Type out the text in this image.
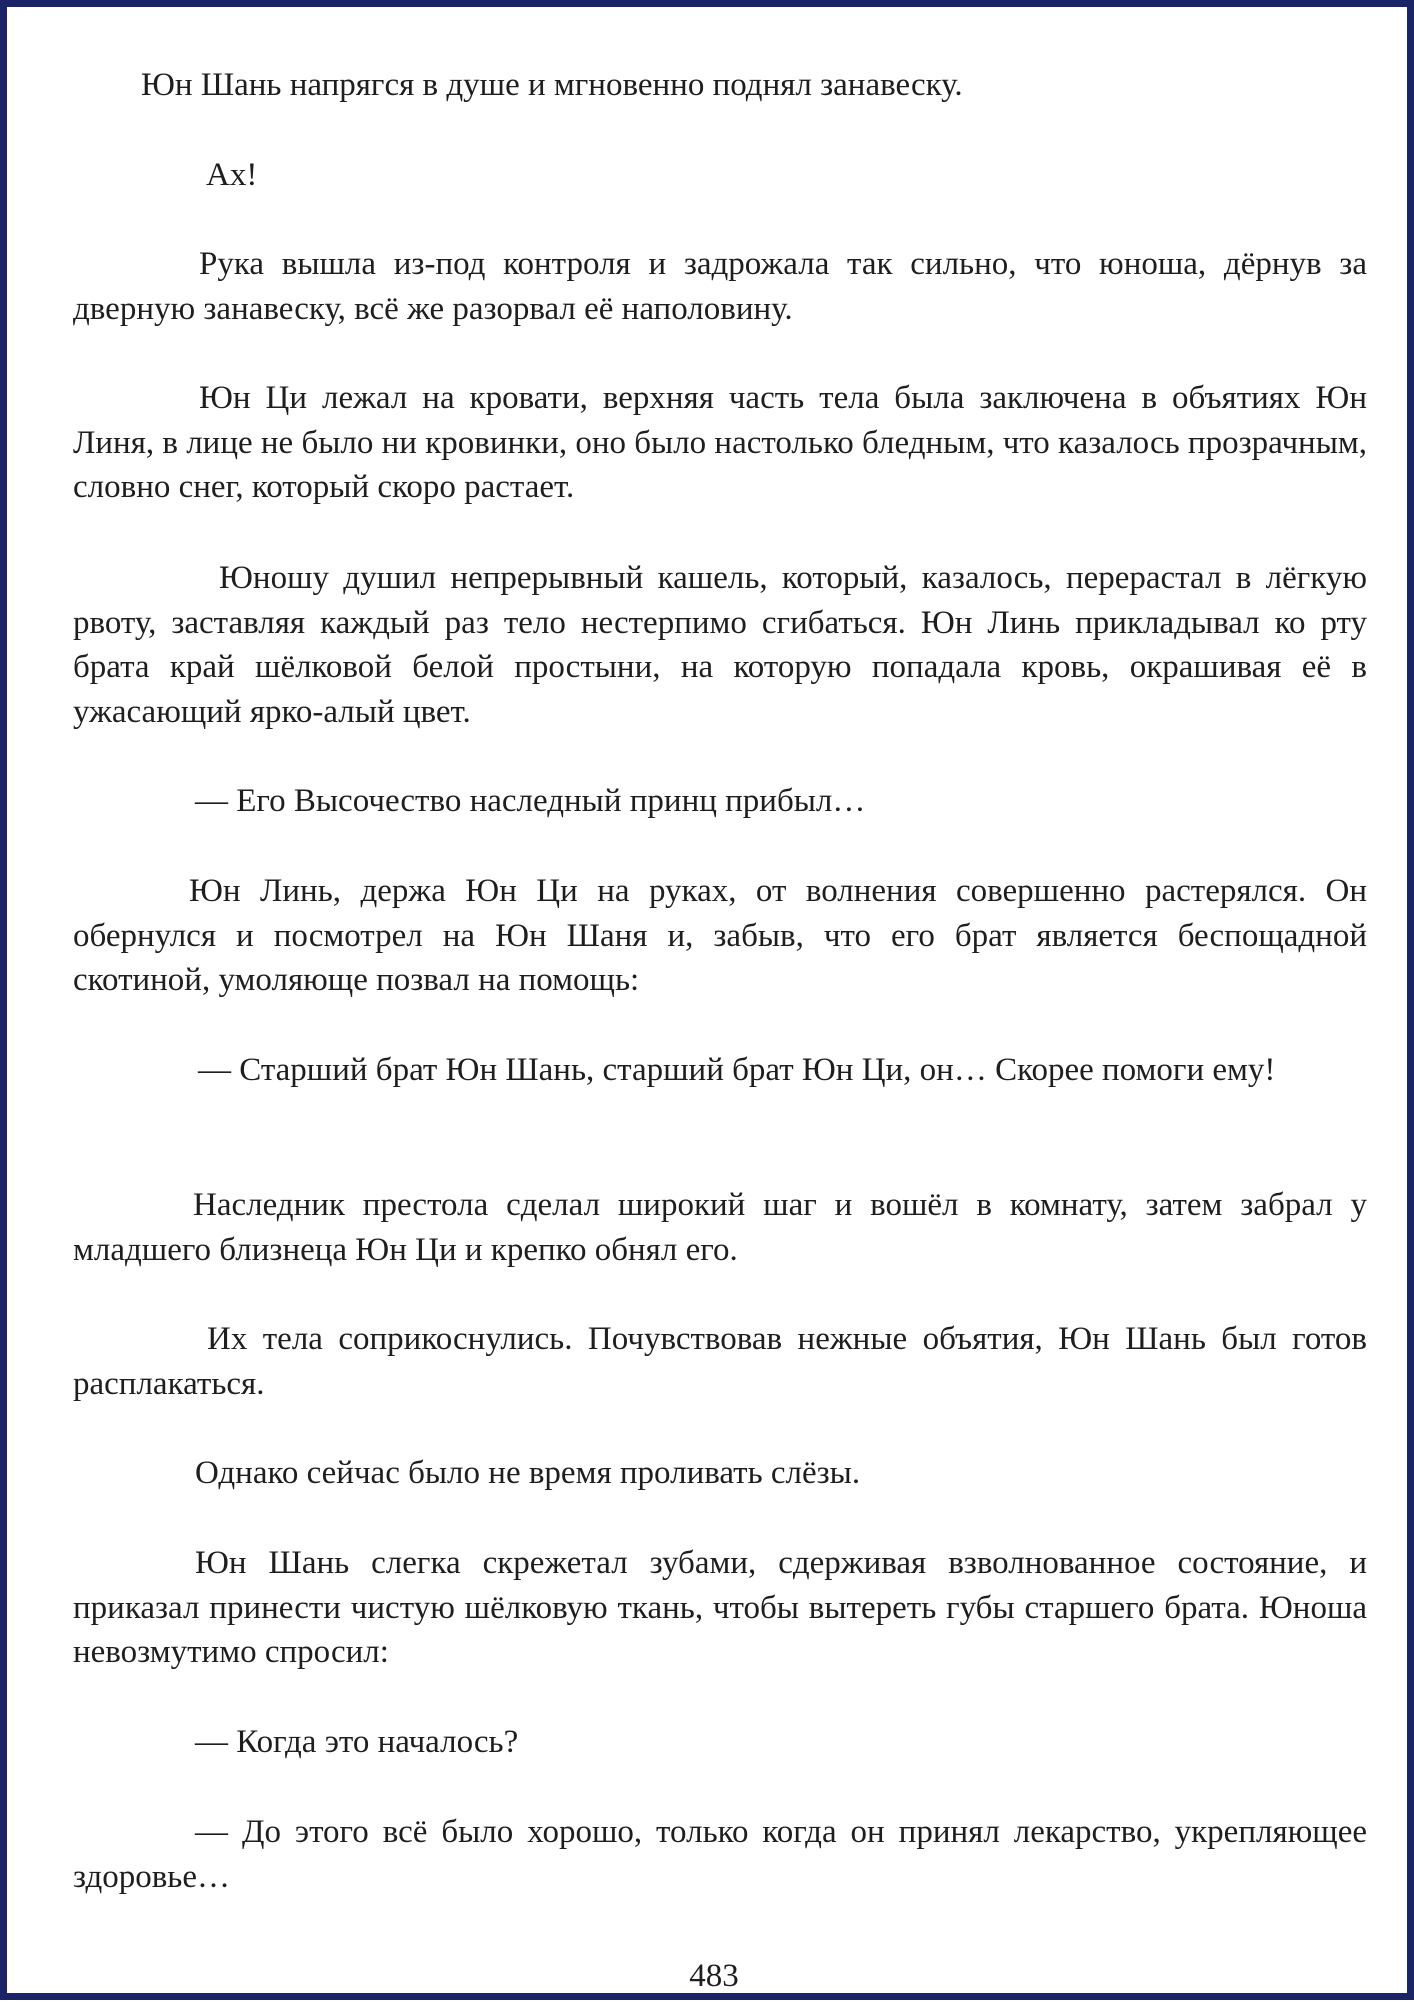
Юн Шань напрягся в душе и мгновенно поднял занавеску.

Ах!

Рука вышла из-под контроля и задрожала так сильно, что юноша, дёрнув за дверную занавеску, всё же разорвал её наполовину.

Юн Ци лежал на кровати, верхняя часть тела была заключена в объятиях Юн Линя, в лице не было ни кровинки, оно было настолько бледным, что казалось прозрачным, словно снег, который скоро растает.

Юношу душил непрерывный кашель, который, казалось, перерастал в лёгкую рвоту, заставляя каждый раз тело нестерпимо сгибаться. Юн Линь прикладывал ко рту брата край шёлковой белой простыни, на которую попадала кровь, окрашивая её в ужасающий ярко-алый цвет.

— Его Высочество наследный принц прибыл…

Юн Линь, держа Юн Ци на руках, от волнения совершенно растерялся. Он обернулся и посмотрел на Юн Шаня и, забыв, что его брат является беспощадной скотиной, умоляюще позвал на помощь:

— Старший брат Юн Шань, старший брат Юн Ци, он… Скорее помоги ему!

Наследник престола сделал широкий шаг и вошёл в комнату, затем забрал у младшего близнеца Юн Ци и крепко обнял его.

Их тела соприкоснулись. Почувствовав нежные объятия, Юн Шань был готов расплакаться.

Однако сейчас было не время проливать слёзы.

Юн Шань слегка скрежетал зубами, сдерживая взволнованное состояние, и приказал принести чистую шёлковую ткань, чтобы вытереть губы старшего брата. Юноша невозмутимо спросил:

— Когда это началось?

— До этого всё было хорошо, только когда он принял лекарство, укрепляющее здоровье…

483
